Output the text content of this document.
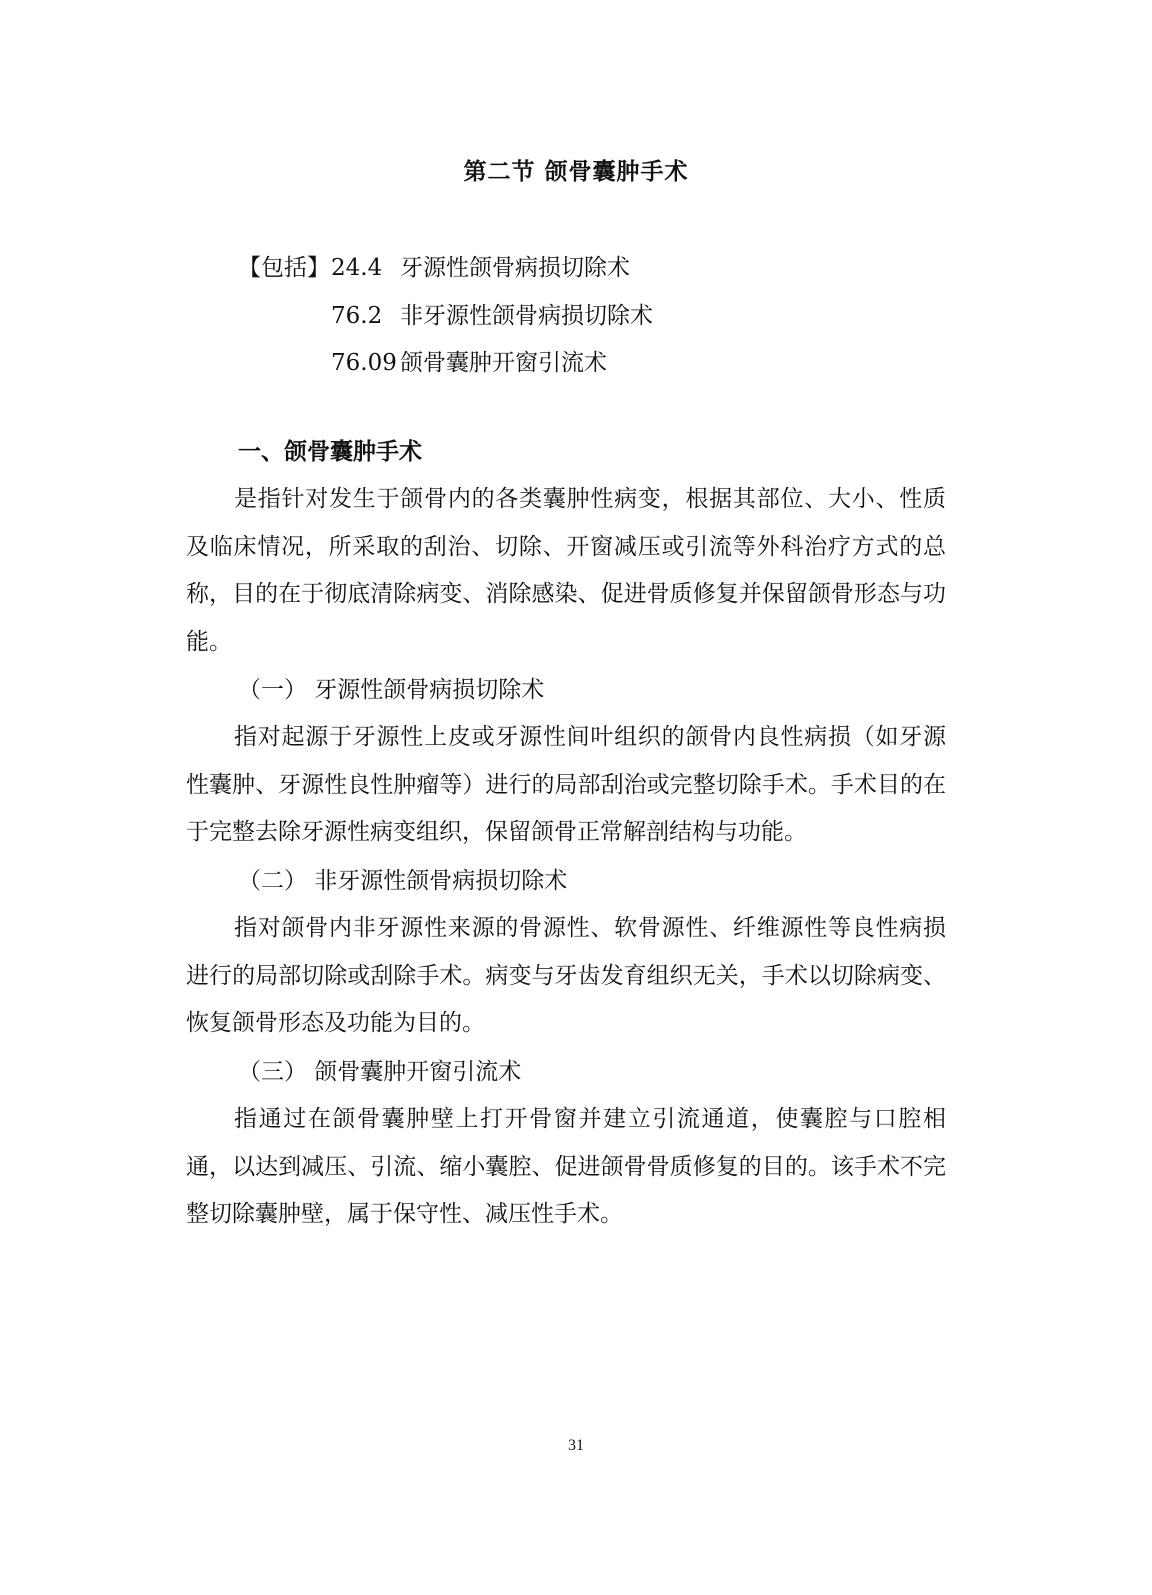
第二节 颌骨囊肿手术
【包括】 24.4 牙源性颌骨病损切除术
76.2 非牙源性颌骨病损切除术
76.09 颌骨囊肿开窗引流术
一、颌骨囊肿手术

是指针对发生于颌骨内的各类囊肿性病变，根据其部位、大小、性质及临床情况，所采取的刮治、切除、开窗减压或引流等外科治疗方式的总称，目的在于彻底清除病变、消除感染、促进骨质修复并保留颌骨形态与功能。

（一） 牙源性颌骨病损切除术

指对起源于牙源性上皮或牙源性间叶组织的颌骨内良性病损（如牙源性囊肿、牙源性良性肿瘤等）进行的局部刮治或完整切除手术。手术目的在于完整去除牙源性病变组织，保留颌骨正常解剖结构与功能。

（二） 非牙源性颌骨病损切除术

指对颌骨内非牙源性来源的骨源性、软骨源性、纤维源性等良性病损进行的局部切除或刮除手术。病变与牙齿发育组织无关，手术以切除病变、恢复颌骨形态及功能为目的。

（三） 颌骨囊肿开窗引流术

指通过在颌骨囊肿壁上打开骨窗并建立引流通道，使囊腔与口腔相通，以达到减压、引流、缩小囊腔、促进颌骨骨质修复的目的。该手术不完整切除囊肿壁，属于保守性、减压性手术。

31
